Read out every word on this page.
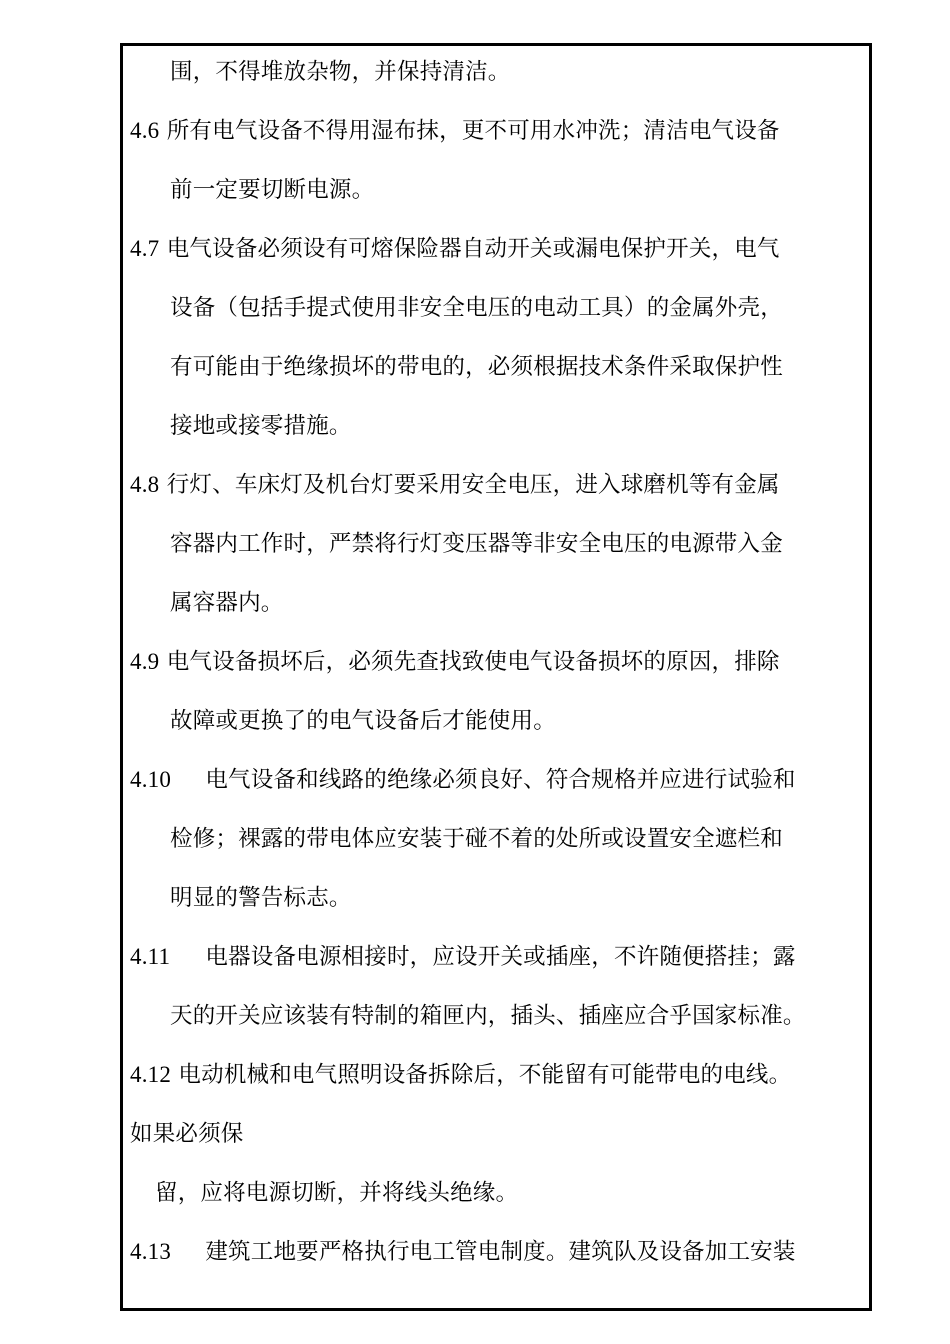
围，不得堆放杂物，并保持清洁。
4.6 所有电气设备不得用湿布抹，更不可用水冲洗；清洁电气设备
前一定要切断电源。
4.7 电气设备必须设有可熔保险器自动开关或漏电保护开关，电气
设备（包括手提式使用非安全电压的电动工具）的金属外壳，
有可能由于绝缘损坏的带电的，必须根据技术条件采取保护性
接地或接零措施。
4.8 行灯、车床灯及机台灯要采用安全电压，进入球磨机等有金属
容器内工作时，严禁将行灯变压器等非安全电压的电源带入金
属容器内。
4.9 电气设备损坏后，必须先查找致使电气设备损坏的原因，排除
故障或更换了的电气设备后才能使用。
4.10 电气设备和线路的绝缘必须良好、符合规格并应进行试验和
检修；裸露的带电体应安装于碰不着的处所或设置安全遮栏和
明显的警告标志。
4.11 电器设备电源相接时，应设开关或插座，不许随便搭挂；露
天的开关应该装有特制的箱匣内，插头、插座应合乎国家标准。
4.12 电动机械和电气照明设备拆除后，不能留有可能带电的电线。
如果必须保
留，应将电源切断，并将线头绝缘。
4.13 建筑工地要严格执行电工管电制度。建筑队及设备加工安装
